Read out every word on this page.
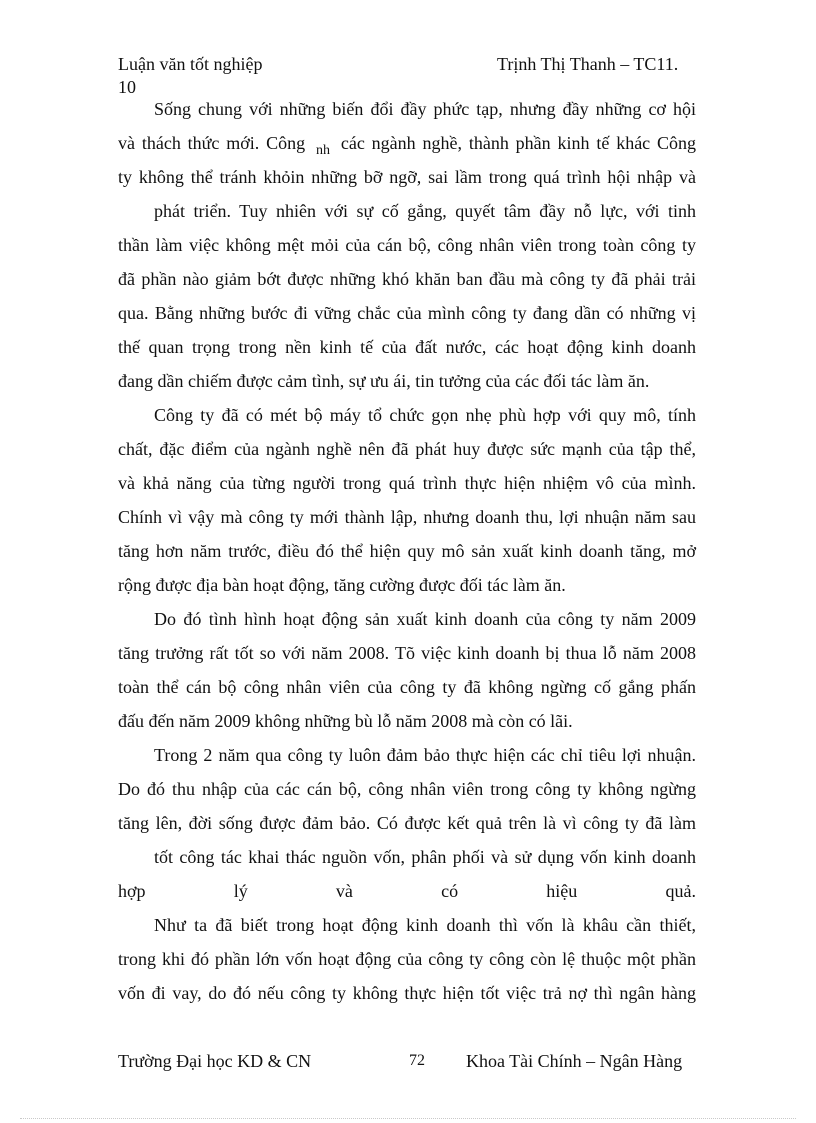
Luận văn tốt nghiệp	Trịnh Thị Thanh – TC11.
10
Sống chung với những biến đổi đầy phức tạp, nhưng đầy những cơ hội
và thách thức mới. Công $_{nh}$ các ngành nghề, thành phần kinh tế khác Công
ty không thể tránh khỏin những bỡ ngỡ, sai lầm trong quá trình hội nhập và
phát triển. Tuy nhiên với sự cố gắng, quyết tâm đầy nỗ lực, với tinh
thần làm việc không mệt mỏi của cán bộ, công nhân viên trong toàn công ty
đã phần nào giảm bớt được những khó khăn ban đầu mà công ty đã phải trải
qua. Bằng những bước đi vững chắc của mình công ty đang dần có những vị
thế quan trọng trong nền kinh tế của đất nước, các hoạt động kinh doanh
đang dần chiếm được cảm tình, sự ưu ái, tin tưởng của các đối tác làm ăn.
Công ty đã có mét bộ máy tổ chức gọn nhẹ phù hợp với quy mô, tính
chất, đặc điểm của ngành nghề nên đã phát huy được sức mạnh của tập thể,
và khả năng của từng người trong quá trình thực hiện nhiệm vô của mình.
Chính vì vậy mà công ty mới thành lập, nhưng doanh thu, lợi nhuận năm sau
tăng hơn năm trước, điều đó thể hiện quy mô sản xuất kinh doanh tăng, mở
rộng được địa bàn hoạt động, tăng cường được đối tác làm ăn.
Do đó tình hình hoạt động sản xuất kinh doanh của công ty năm 2009
tăng trưởng rất tốt so với năm 2008. Tõ việc kinh doanh bị thua lỗ năm 2008
toàn thể cán bộ công nhân viên của công ty đã không ngừng cố gắng phấn
đấu đến năm 2009 không những bù lỗ năm 2008 mà còn có lãi.
Trong 2 năm qua công ty luôn đảm bảo thực hiện các chỉ tiêu lợi nhuận.
Do đó thu nhập của các cán bộ, công nhân viên trong công ty không ngừng
tăng lên, đời sống được đảm bảo. Có được kết quả trên là vì công ty đã làm
tốt công tác khai thác nguồn vốn, phân phối và sử dụng vốn kinh doanh
hợp lý và có hiệu quả.
Như ta đã biết trong hoạt động kinh doanh thì vốn là khâu cần thiết,
trong khi đó phần lớn vốn hoạt động của công ty công còn lệ thuộc một phần
vốn đi vay, do đó nếu công ty không thực hiện tốt việc trả nợ thì ngân hàng
Trường Đại học KD & CN	72 Khoa Tài Chính – Ngân Hàng
